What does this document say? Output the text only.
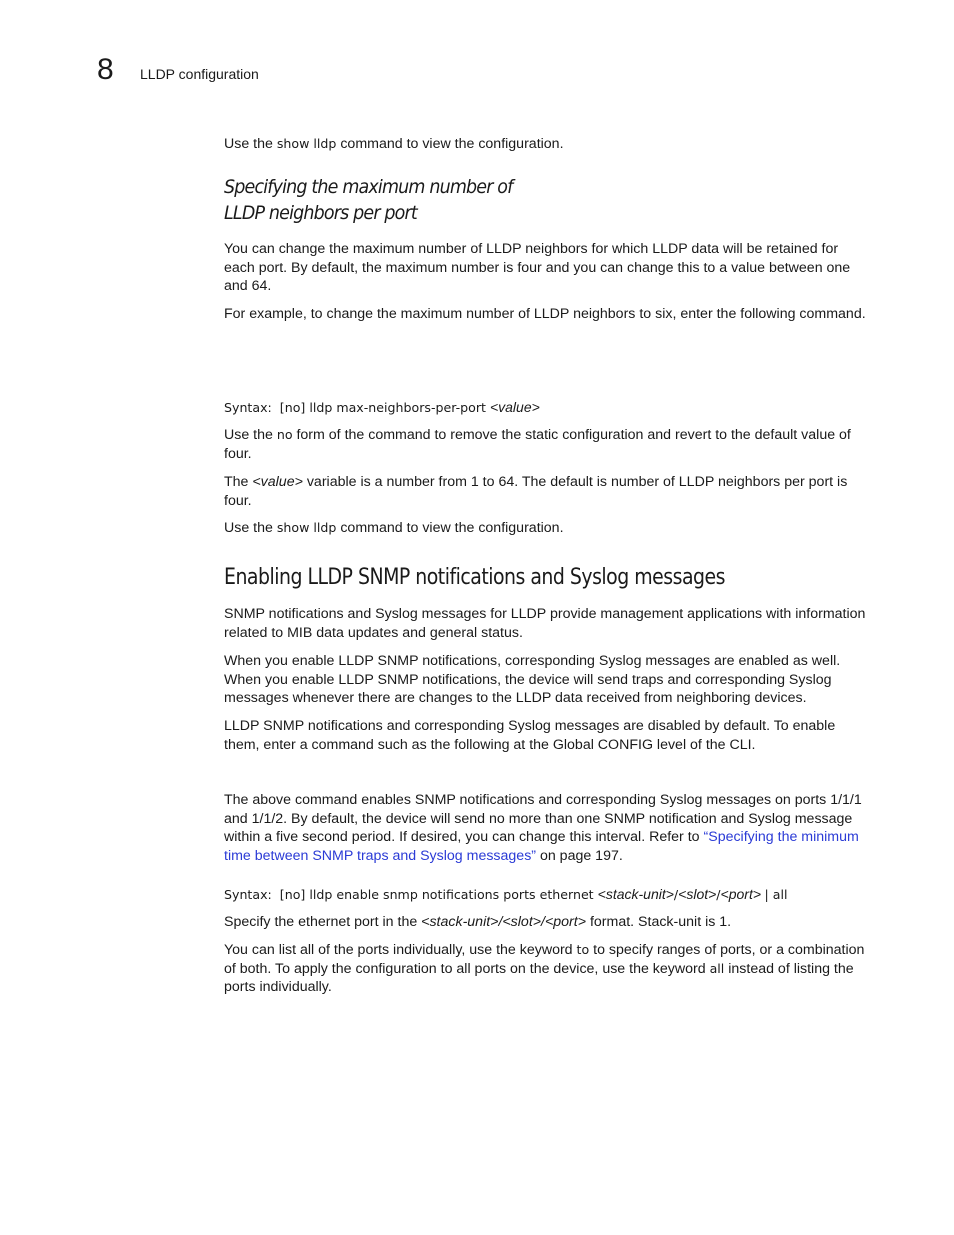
8 LLDP configuration

Use the show lldp command to view the configuration.

Specifying the maximum number of
LLDP neighbors per port

You can change the maximum number of LLDP neighbors for which LLDP data will be retained for each port. By default, the maximum number is four and you can change this to a value between one and 64.

For example, to change the maximum number of LLDP neighbors to six, enter the following command.

Syntax: [no] lldp max-neighbors-per-port <value>

Use the no form of the command to remove the static configuration and revert to the default value of four.

The <value> variable is a number from 1 to 64. The default is number of LLDP neighbors per port is four.

Use the show lldp command to view the configuration.

Enabling LLDP SNMP notifications and Syslog messages

SNMP notifications and Syslog messages for LLDP provide management applications with information related to MIB data updates and general status.

When you enable LLDP SNMP notifications, corresponding Syslog messages are enabled as well. When you enable LLDP SNMP notifications, the device will send traps and corresponding Syslog messages whenever there are changes to the LLDP data received from neighboring devices.

LLDP SNMP notifications and corresponding Syslog messages are disabled by default. To enable them, enter a command such as the following at the Global CONFIG level of the CLI.

The above command enables SNMP notifications and corresponding Syslog messages on ports 1/1/1 and 1/1/2. By default, the device will send no more than one SNMP notification and Syslog message within a five second period. If desired, you can change this interval. Refer to “Specifying the minimum time between SNMP traps and Syslog messages” on page 197.

Syntax: [no] lldp enable snmp notifications ports ethernet <stack-unit>/<slot>/<port> | all

Specify the ethernet port in the <stack-unit>/<slot>/<port> format. Stack-unit is 1.

You can list all of the ports individually, use the keyword to to specify ranges of ports, or a combination of both. To apply the configuration to all ports on the device, use the keyword all instead of listing the ports individually.
